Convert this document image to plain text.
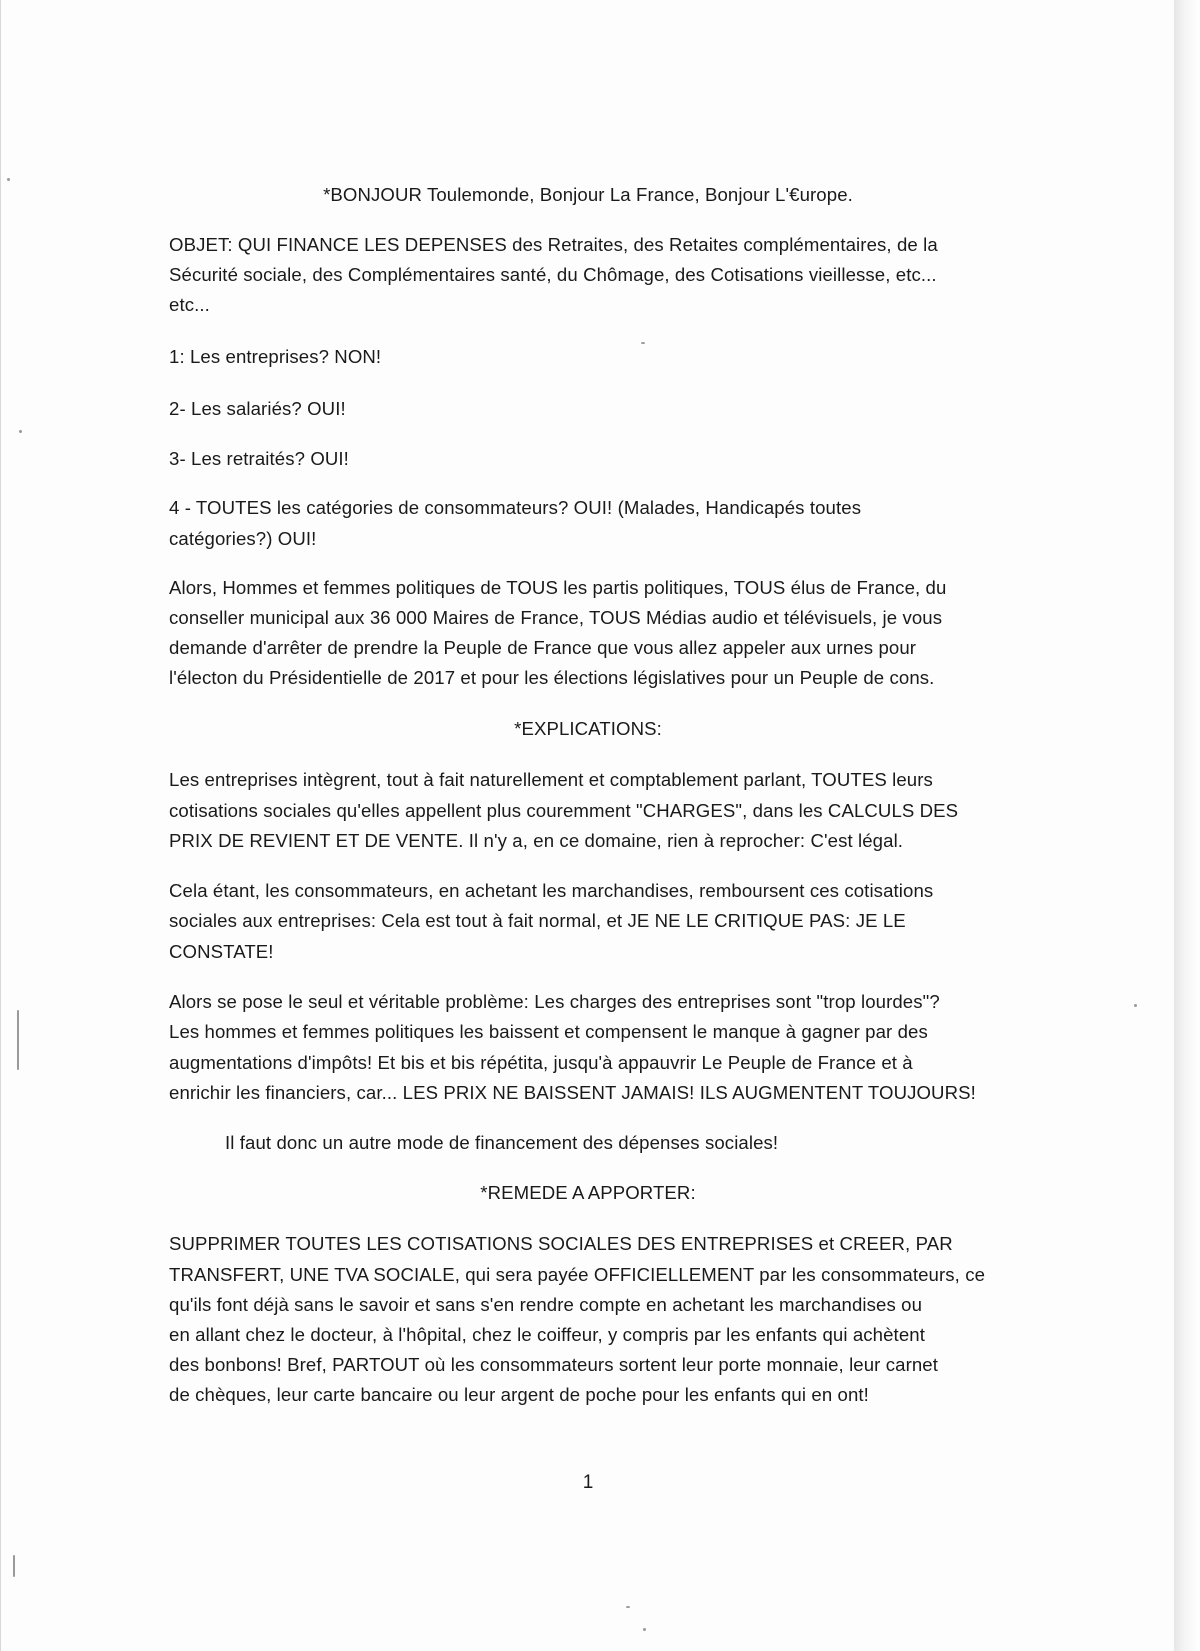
*BONJOUR Toulemonde, Bonjour La France, Bonjour L'€urope.
OBJET: QUI FINANCE LES DEPENSES des Retraites, des Retaites complémentaires, de la
Sécurité sociale, des Complémentaires santé, du Chômage, des Cotisations vieillesse, etc...
etc...
1: Les entreprises? NON!
2- Les salariés? OUI!
3- Les retraités? OUI!
4 - TOUTES les catégories de consommateurs? OUI! (Malades, Handicapés toutes
catégories?) OUI!
Alors, Hommes et femmes politiques de TOUS les partis politiques, TOUS élus de France, du
conseller municipal aux 36 000 Maires de France, TOUS Médias audio et télévisuels, je vous
demande d'arrêter de prendre la Peuple de France que vous allez appeler aux urnes pour
l'électon du Présidentielle de 2017 et pour les élections législatives pour un Peuple de cons.
*EXPLICATIONS:
Les entreprises intègrent, tout à fait naturellement et comptablement parlant, TOUTES leurs
cotisations sociales qu'elles appellent plus couremment "CHARGES", dans les CALCULS DES
PRIX DE REVIENT ET DE VENTE. Il n'y a, en ce domaine, rien à reprocher: C'est légal.
Cela étant, les consommateurs, en achetant les marchandises, remboursent ces cotisations
sociales aux entreprises: Cela est tout à fait normal, et JE NE LE CRITIQUE PAS: JE LE
CONSTATE!
Alors se pose le seul et véritable problème: Les charges des entreprises sont "trop lourdes"?
Les hommes et femmes politiques les baissent et compensent le manque à gagner par des
augmentations d'impôts! Et bis et bis répétita, jusqu'à appauvrir Le Peuple de France et à
enrichir les financiers, car... LES PRIX NE BAISSENT JAMAIS! ILS AUGMENTENT TOUJOURS!
Il faut donc un autre mode de financement des dépenses sociales!
*REMEDE A APPORTER:
SUPPRIMER TOUTES LES COTISATIONS SOCIALES DES ENTREPRISES et CREER, PAR
TRANSFERT, UNE TVA SOCIALE, qui sera payée OFFICIELLEMENT par les consommateurs, ce
qu'ils font déjà sans le savoir et sans s'en rendre compte en achetant les marchandises ou
en allant chez le docteur, à l'hôpital, chez le coiffeur, y compris par les enfants qui achètent
des bonbons! Bref, PARTOUT où les consommateurs sortent leur porte monnaie, leur carnet
de chèques, leur carte bancaire ou leur argent de poche pour les enfants qui en ont!
1
